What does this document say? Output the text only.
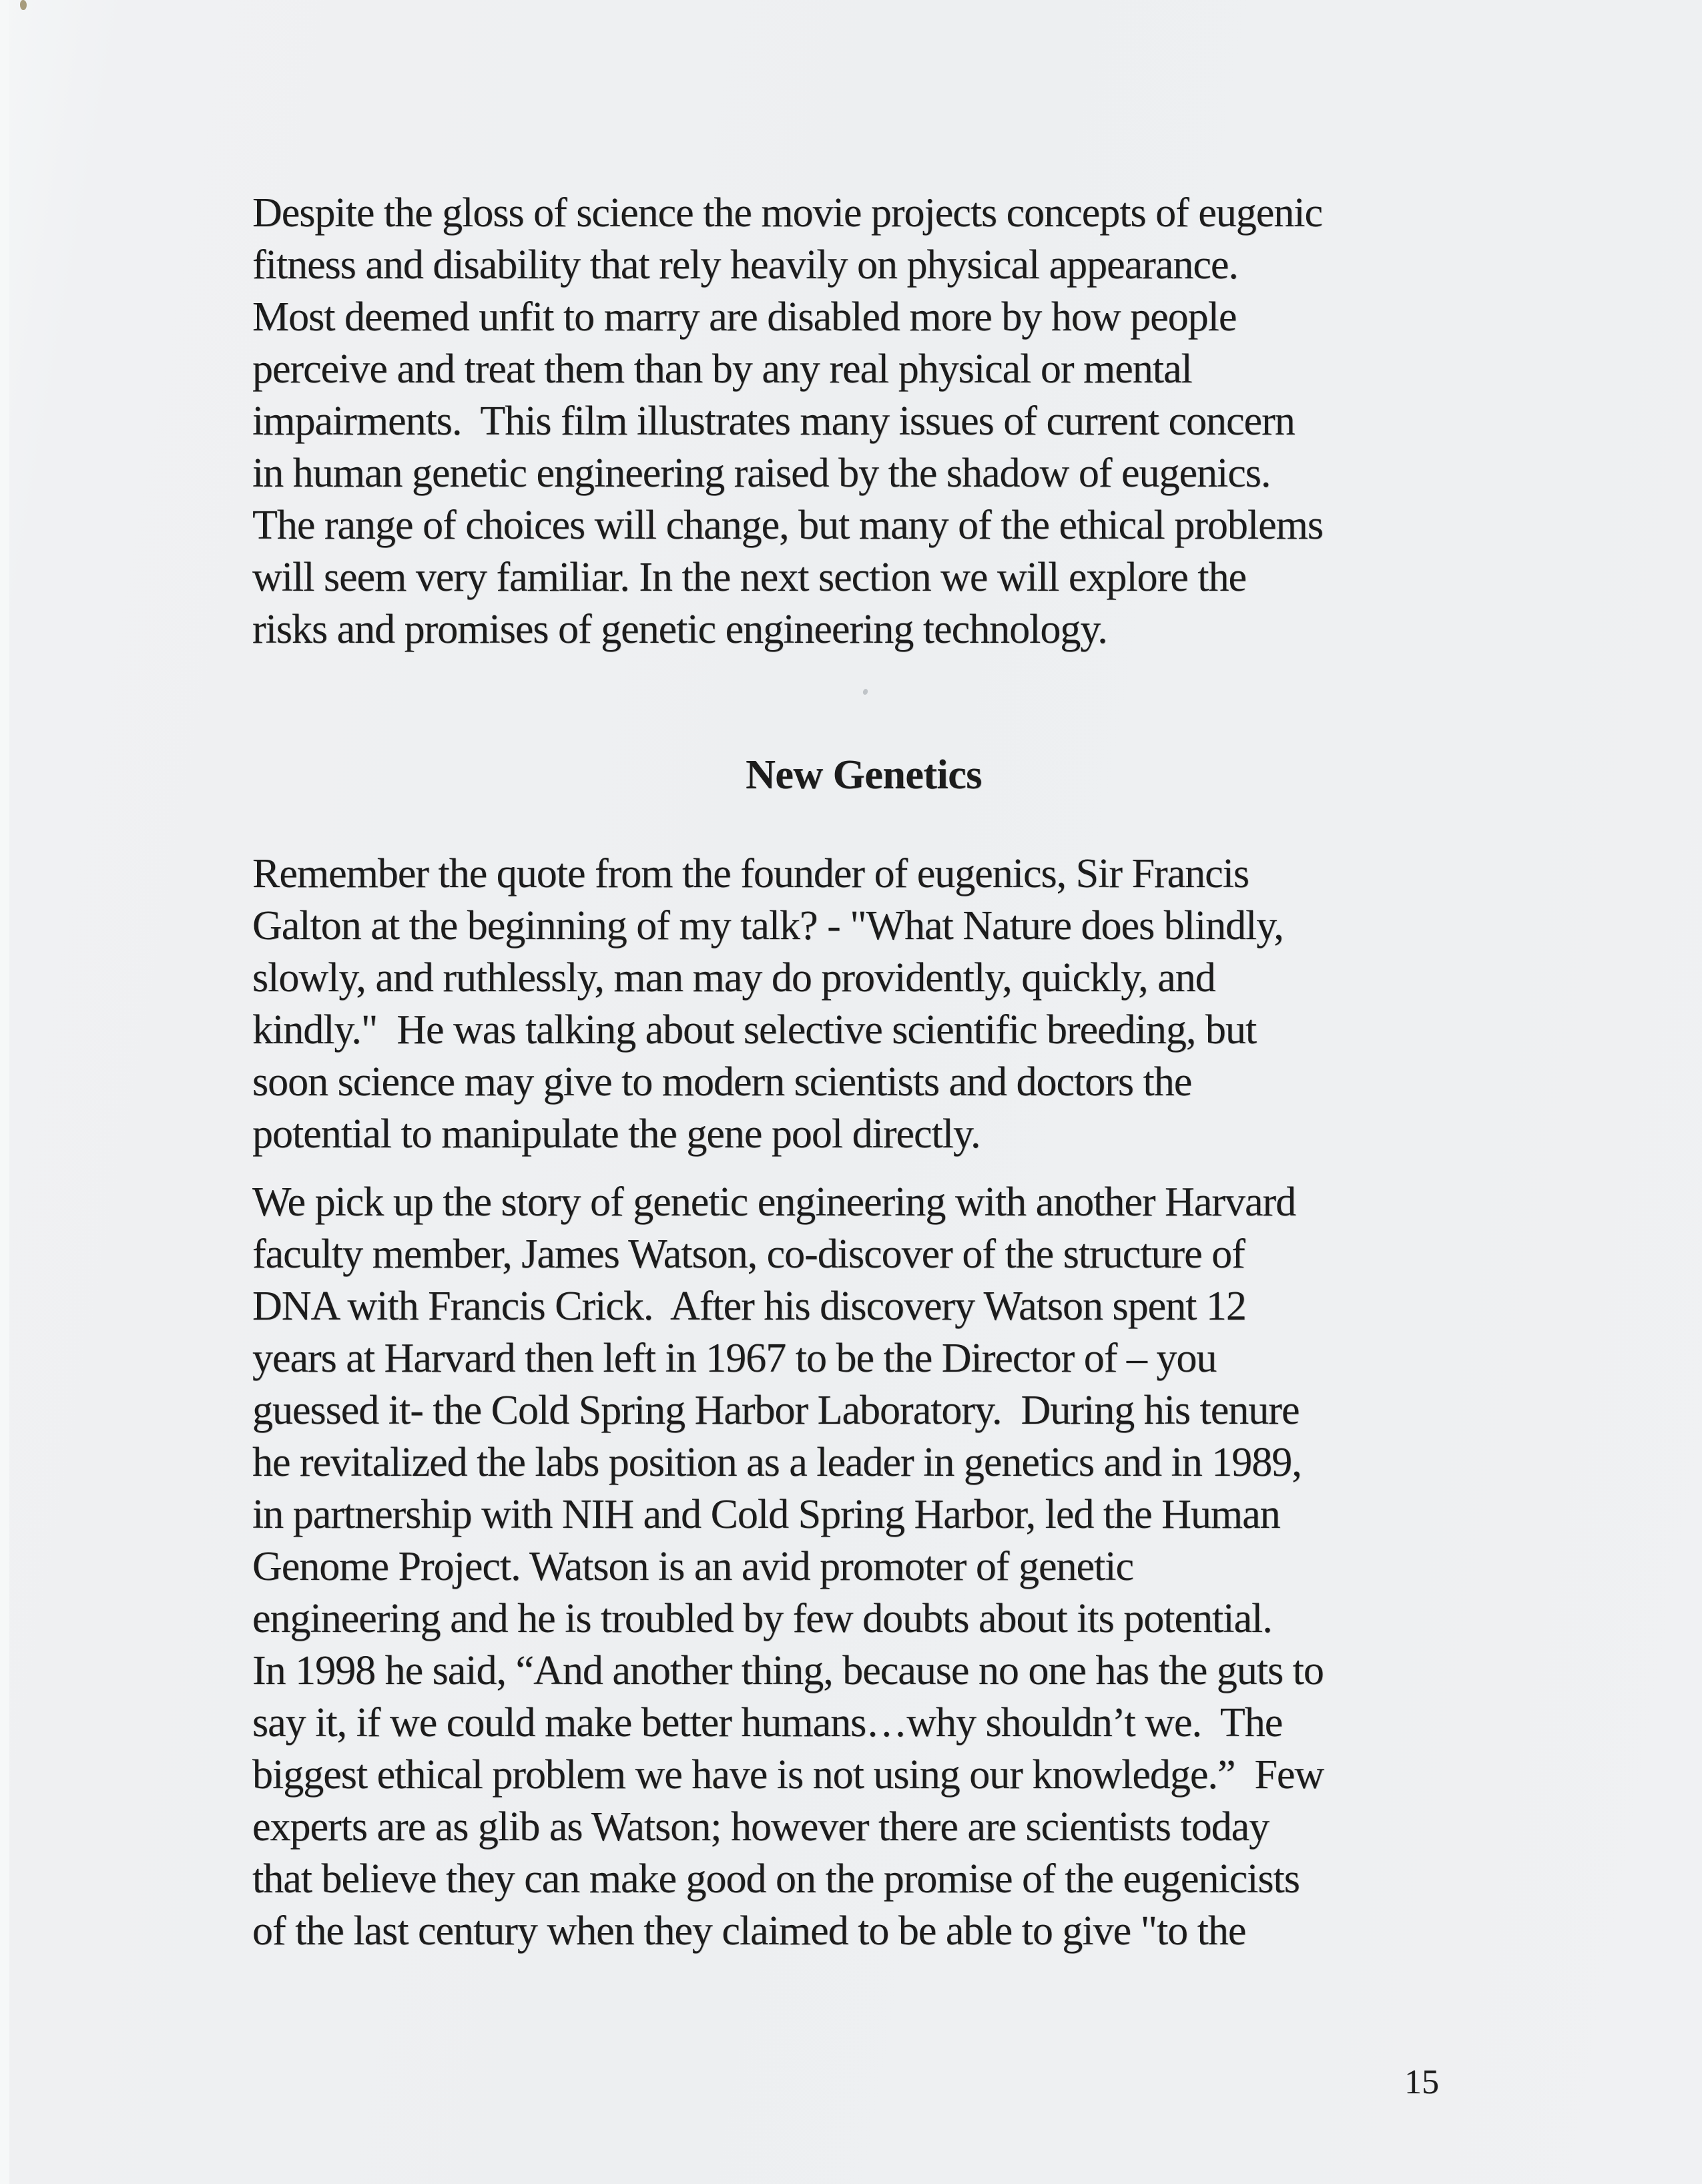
Despite the gloss of science the movie projects concepts of eugenic
fitness and disability that rely heavily on physical appearance.
Most deemed unfit to marry are disabled more by how people
perceive and treat them than by any real physical or mental
impairments.  This film illustrates many issues of current concern
in human genetic engineering raised by the shadow of eugenics.
The range of choices will change, but many of the ethical problems
will seem very familiar. In the next section we will explore the
risks and promises of genetic engineering technology.
New Genetics
Remember the quote from the founder of eugenics, Sir Francis
Galton at the beginning of my talk? - "What Nature does blindly,
slowly, and ruthlessly, man may do providently, quickly, and
kindly."  He was talking about selective scientific breeding, but
soon science may give to modern scientists and doctors the
potential to manipulate the gene pool directly.
We pick up the story of genetic engineering with another Harvard
faculty member, James Watson, co-discover of the structure of
DNA with Francis Crick.  After his discovery Watson spent 12
years at Harvard then left in 1967 to be the Director of – you
guessed it- the Cold Spring Harbor Laboratory.  During his tenure
he revitalized the labs position as a leader in genetics and in 1989,
in partnership with NIH and Cold Spring Harbor, led the Human
Genome Project. Watson is an avid promoter of genetic
engineering and he is troubled by few doubts about its potential.
In 1998 he said, “And another thing, because no one has the guts to
say it, if we could make better humans…why shouldn’t we.  The
biggest ethical problem we have is not using our knowledge.”  Few
experts are as glib as Watson; however there are scientists today
that believe they can make good on the promise of the eugenicists
of the last century when they claimed to be able to give "to the
15
